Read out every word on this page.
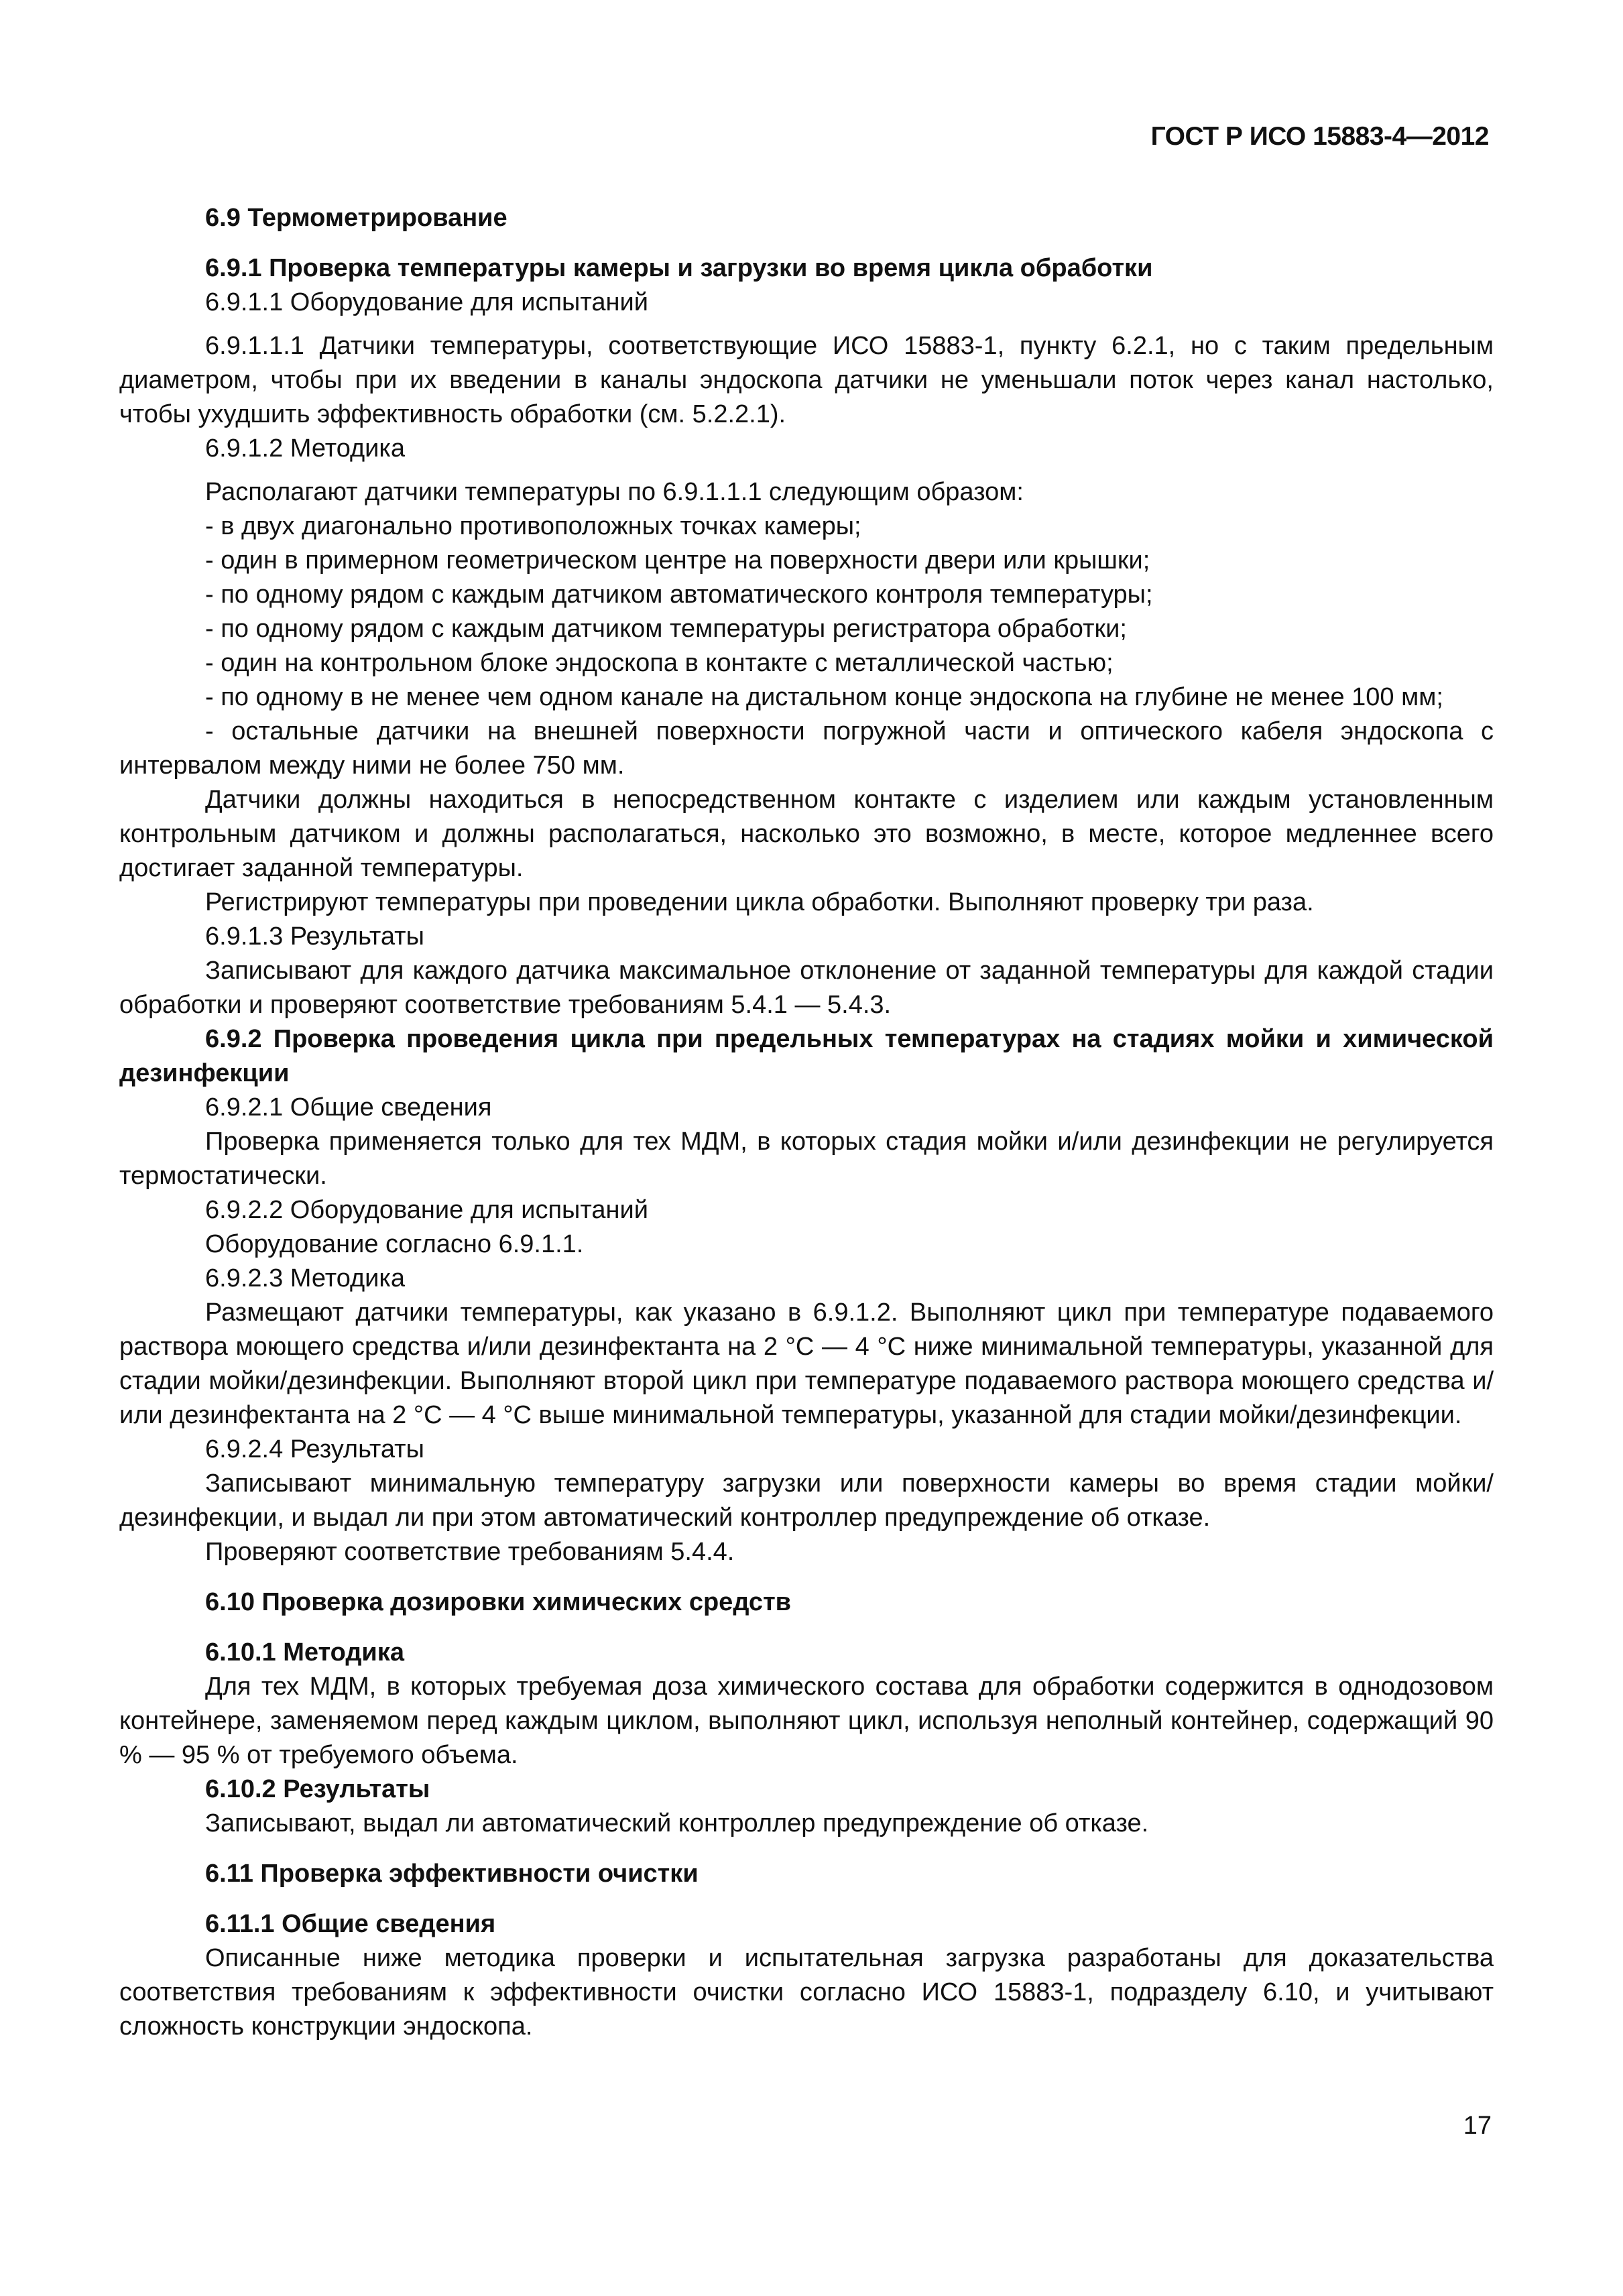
ГОСТ Р ИСО 15883-4—2012

6.9 Термометрирование

6.9.1 Проверка температуры камеры и загрузки во время цикла обработки

6.9.1.1 Оборудование для испытаний

6.9.1.1.1 Датчики температуры, соответствующие ИСО 15883-1, пункту 6.2.1, но с таким предельным диаметром, чтобы при их введении в каналы эндоскопа датчики не уменьшали поток через канал настолько, чтобы ухудшить эффективность обработки (см. 5.2.2.1).

6.9.1.2 Методика

Располагают датчики температуры по 6.9.1.1.1 следующим образом:

- в двух диагонально противоположных точках камеры;

- один в примерном геометрическом центре на поверхности двери или крышки;

- по одному рядом с каждым датчиком автоматического контроля температуры;

- по одному рядом с каждым датчиком температуры регистратора обработки;

- один на контрольном блоке эндоскопа в контакте с металлической частью;

- по одному в не менее чем одном канале на дистальном конце эндоскопа на глубине не менее 100 мм;

- остальные датчики на внешней поверхности погружной части и оптического кабеля эндоскопа с интервалом между ними не более 750 мм.

Датчики должны находиться в непосредственном контакте с изделием или каждым установленным контрольным датчиком и должны располагаться, насколько это возможно, в месте, которое медленнее всего достигает заданной температуры.

Регистрируют температуры при проведении цикла обработки. Выполняют проверку три раза.

6.9.1.3 Результаты

Записывают для каждого датчика максимальное отклонение от заданной температуры для каждой стадии обработки и проверяют соответствие требованиям 5.4.1 — 5.4.3.

6.9.2 Проверка проведения цикла при предельных температурах на стадиях мойки и химической дезинфекции

6.9.2.1 Общие сведения

Проверка применяется только для тех МДМ, в которых стадия мойки и/или дезинфекции не регулируется термостатически.

6.9.2.2 Оборудование для испытаний

Оборудование согласно 6.9.1.1.

6.9.2.3 Методика

Размещают датчики температуры, как указано в 6.9.1.2. Выполняют цикл при температуре подаваемого раствора моющего средства и/или дезинфектанта на 2 °С — 4 °С ниже минимальной температуры, указанной для стадии мойки/дезинфекции. Выполняют второй цикл при температуре подаваемого раствора моющего средства и/или дезинфектанта на 2 °С — 4 °С выше минимальной температуры, указанной для стадии мойки/дезинфекции.

6.9.2.4 Результаты

Записывают минимальную температуру загрузки или поверхности камеры во время стадии мойки/ дезинфекции, и выдал ли при этом автоматический контроллер предупреждение об отказе.

Проверяют соответствие требованиям 5.4.4.

6.10 Проверка дозировки химических средств

6.10.1 Методика

Для тех МДМ, в которых требуемая доза химического состава для обработки содержится в однодозовом контейнере, заменяемом перед каждым циклом, выполняют цикл, используя неполный контейнер, содержащий 90 % — 95 % от требуемого объема.

6.10.2 Результаты

Записывают, выдал ли автоматический контроллер предупреждение об отказе.

6.11 Проверка эффективности очистки

6.11.1 Общие сведения

Описанные ниже методика проверки и испытательная загрузка разработаны для доказательства соответствия требованиям к эффективности очистки согласно ИСО 15883-1, подразделу 6.10, и учитывают сложность конструкции эндоскопа.

17
